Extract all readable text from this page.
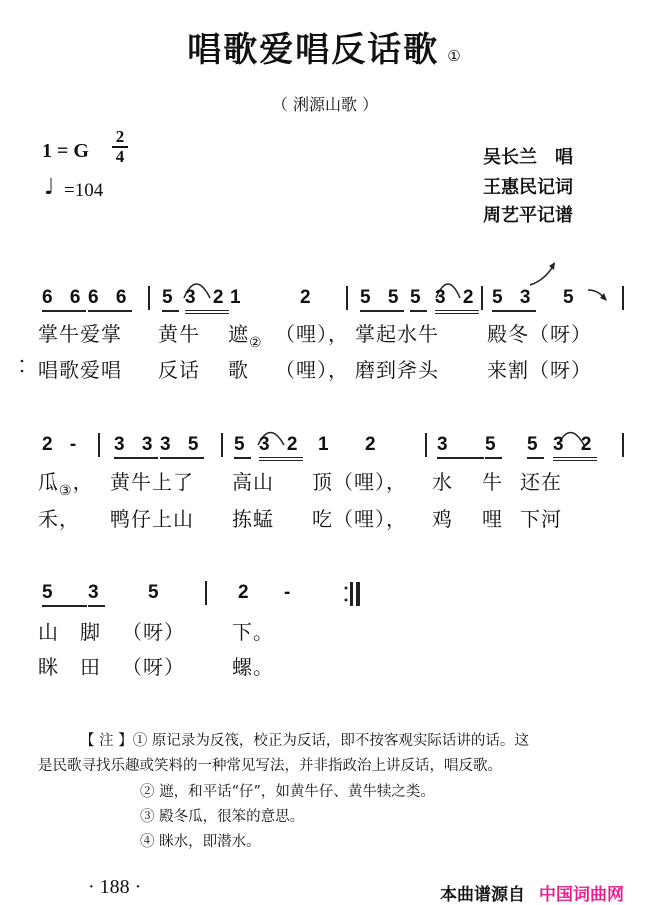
唱歌爱唱反话歌 ①
（ 浰源山歌 ）
1 = G
2
4
♩ =104
吴长兰　唱
王惠民记词
周艺平记谱
6 6 6 6 5 3 2 1	2 5 5 5 3 2 5 3 5
掌牛爱掌 黄牛 遮$_②$ （哩）， 掌起水牛 殿冬（呀）
唱歌爱唱 反话 歌 （哩）， 磨到斧头 来割（呀）
2 - 3 3 3 5 5 3 2 1 2	3	5 5 3 2
瓜$_③$， 黄牛上了 高山 顶（哩）， 水 牛 还在
禾， 鸭仔上山 拣蜢 吃（哩）， 鸡 哩 下河
5	3 5	2 -
山 脚 （呀） 下。
眯 田 （呀） 螺。
【 注 】① 原记录为反筏，校正为反话，即不按客观实际话讲的话。这
是民歌寻找乐趣或笑料的一种常见写法，并非指政治上讲反话，唱反歌。
② 遮，和平话“仔”，如黄牛仔、黄牛犊之类。
③ 殿冬瓜，很笨的意思。
④ 眯水，即潜水。
· 188 ·	本曲谱源自 中国词曲网
